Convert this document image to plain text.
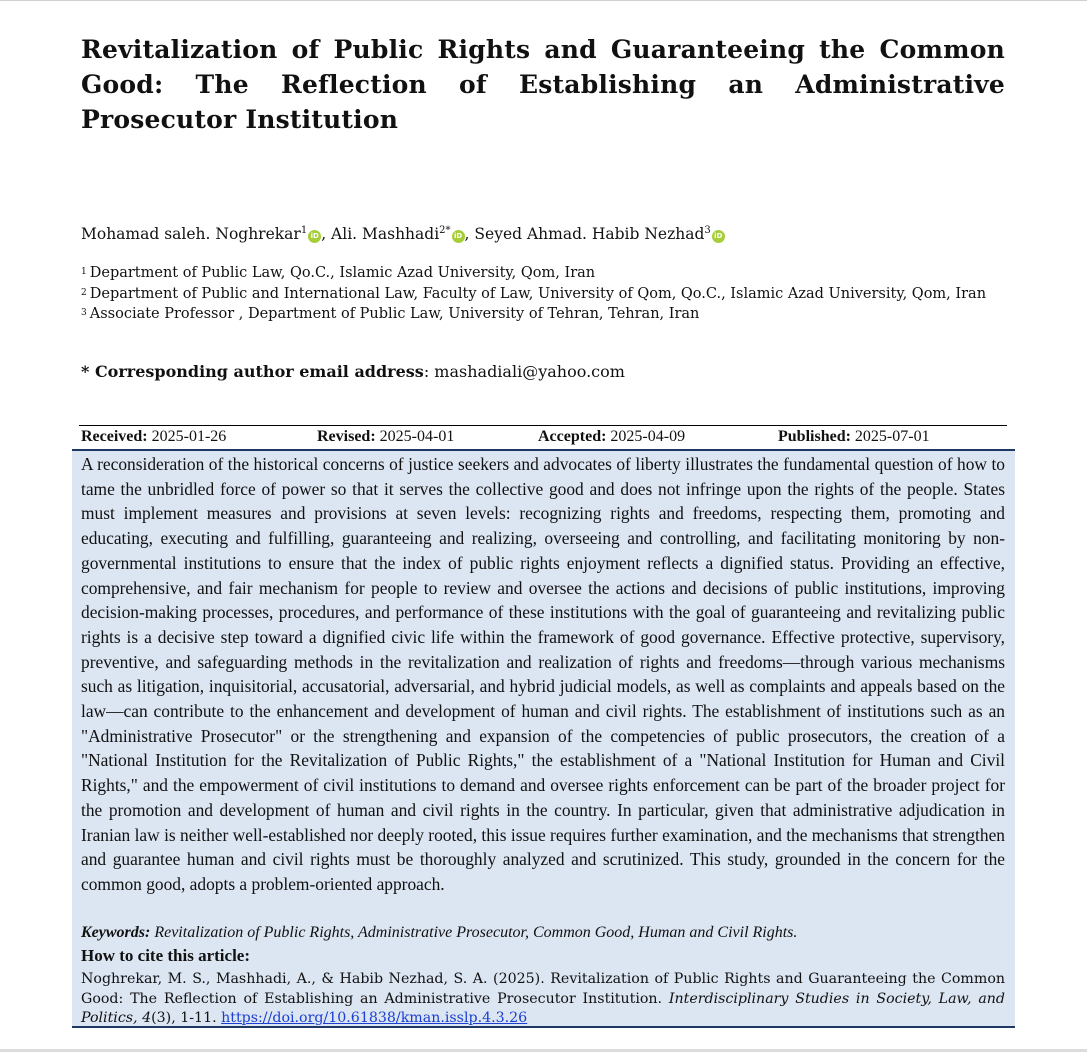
Revitalization of Public Rights and Guaranteeing the Common Good: The Reflection of Establishing an Administrative Prosecutor Institution
Mohamad saleh. Noghrekar$^1$ iD , Ali. Mashhadi$^{2*}$ iD , Seyed Ahmad. Habib Nezhad$^3$ iD
$^1$ Department of Public Law, Qo.C., Islamic Azad University, Qom, Iran
$^2$ Department of Public and International Law, Faculty of Law, University of Qom, Qo.C., Islamic Azad University, Qom, Iran
$^3$ Associate Professor , Department of Public Law, University of Tehran, Tehran, Iran
* Corresponding author email address: mashadiali@yahoo.com
Received: 2025-01-26	Revised: 2025-04-01	Accepted: 2025-04-09	Published: 2025-07-01

A reconsideration of the historical concerns of justice seekers and advocates of liberty illustrates the fundamental question of how to tame the unbridled force of power so that it serves the collective good and does not infringe upon the rights of the people. States must implement measures and provisions at seven levels: recognizing rights and freedoms, respecting them, promoting and educating, executing and fulfilling, guaranteeing and realizing, overseeing and controlling, and facilitating monitoring by non-governmental institutions to ensure that the index of public rights enjoyment reflects a dignified status. Providing an effective, comprehensive, and fair mechanism for people to review and oversee the actions and decisions of public institutions, improving decision-making processes, procedures, and performance of these institutions with the goal of guaranteeing and revitalizing public rights is a decisive step toward a dignified civic life within the framework of good governance. Effective protective, supervisory, preventive, and safeguarding methods in the revitalization and realization of rights and freedoms—through various mechanisms such as litigation, inquisitorial, accusatorial, adversarial, and hybrid judicial models, as well as complaints and appeals based on the law—can contribute to the enhancement and development of human and civil rights. The establishment of institutions such as an "Administrative Prosecutor" or the strengthening and expansion of the competencies of public prosecutors, the creation of a "National Institution for the Revitalization of Public Rights," the establishment of a "National Institution for Human and Civil Rights," and the empowerment of civil institutions to demand and oversee rights enforcement can be part of the broader project for the promotion and development of human and civil rights in the country. In particular, given that administrative adjudication in Iranian law is neither well-established nor deeply rooted, this issue requires further examination, and the mechanisms that strengthen and guarantee human and civil rights must be thoroughly analyzed and scrutinized. This study, grounded in the concern for the common good, adopts a problem-oriented approach.

Keywords: Revitalization of Public Rights, Administrative Prosecutor, Common Good, Human and Civil Rights.
How to cite this article:

Noghrekar, M. S., Mashhadi, A., & Habib Nezhad, S. A. (2025). Revitalization of Public Rights and Guaranteeing the Common Good: The Reflection of Establishing an Administrative Prosecutor Institution. Interdisciplinary Studies in Society, Law, and Politics, 4(3), 1-11. https://doi.org/10.61838/kman.isslp.4.3.26
